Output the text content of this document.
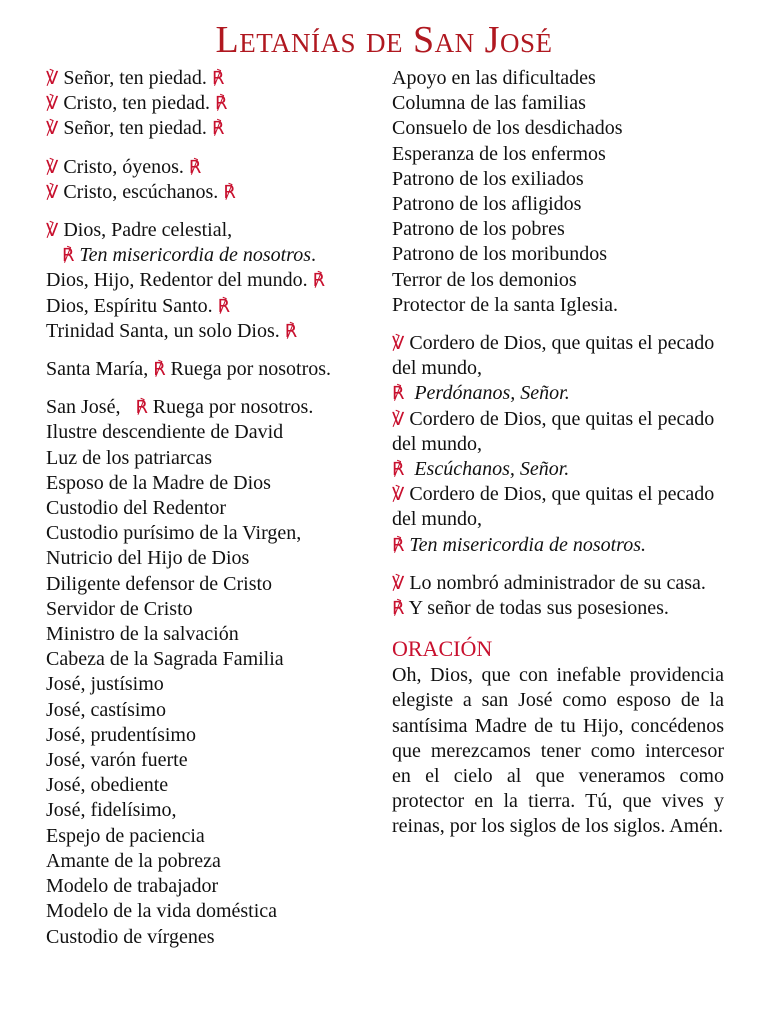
Letanías de San José
℣ Señor, ten piedad. ℟
℣ Cristo, ten piedad. ℟
℣ Señor, ten piedad. ℟
℣ Cristo, óyenos. ℟
℣ Cristo, escúchanos. ℟
℣ Dios, Padre celestial,
℟ Ten misericordia de nosotros.
Dios, Hijo, Redentor del mundo. ℟
Dios, Espíritu Santo. ℟
Trinidad Santa, un solo Dios. ℟
Santa María, ℟ Ruega por nosotros.
San José, ℟ Ruega por nosotros.
Ilustre descendiente de David
Luz de los patriarcas
Esposo de la Madre de Dios
Custodio del Redentor
Custodio purísimo de la Virgen,
Nutricio del Hijo de Dios
Diligente defensor de Cristo
Servidor de Cristo
Ministro de la salvación
Cabeza de la Sagrada Familia
José, justísimo
José, castísimo
José, prudentísimo
José, varón fuerte
José, obediente
José, fidelísimo,
Espejo de paciencia
Amante de la pobreza
Modelo de trabajador
Modelo de la vida doméstica
Custodio de vírgenes
Apoyo en las dificultades
Columna de las familias
Consuelo de los desdichados
Esperanza de los enfermos
Patrono de los exiliados
Patrono de los afligidos
Patrono de los pobres
Patrono de los moribundos
Terror de los demonios
Protector de la santa Iglesia.
℣ Cordero de Dios, que quitas el pecado del mundo,
℟ Perdónanos, Señor.
℣ Cordero de Dios, que quitas el pecado del mundo,
℟ Escúchanos, Señor.
℣ Cordero de Dios, que quitas el pecado del mundo,
℟ Ten misericordia de nosotros.
℣ Lo nombró administrador de su casa.
℟ Y señor de todas sus posesiones.
ORACIÓN
Oh, Dios, que con inefable providencia elegiste a san José como esposo de la santísima Madre de tu Hijo, concédenos que merezcamos tener como intercesor en el cielo al que veneramos como protector en la tierra. Tú, que vives y reinas, por los siglos de los siglos. Amén.
